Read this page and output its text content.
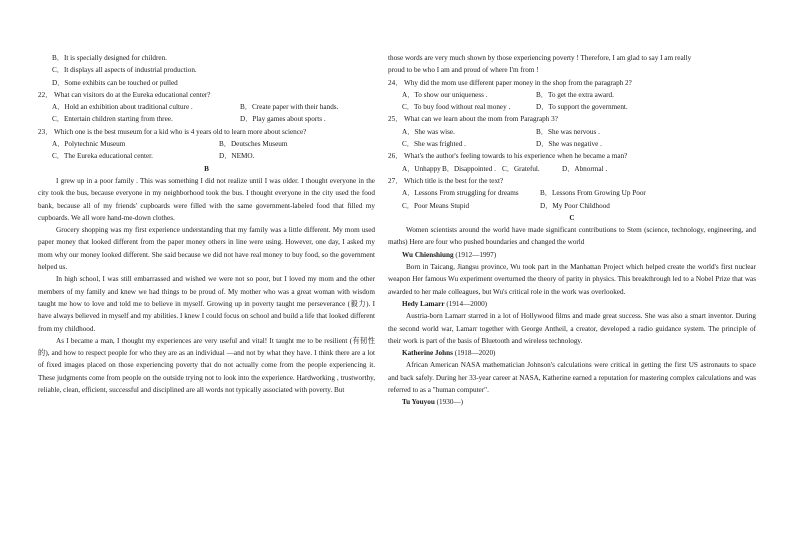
B．It is specially designed for children.
C．It displays all aspects of industrial production.
D．Some exhibits can be touched or pulled
22． What can visitors do at the Eureka educational center?
A．Hold an exhibition about traditional culture .	B．Create paper with their hands.
C．Entertain children starting from three.	D．Play games about sports .
23． Which one is the best museum for a kid who is 4 years old to learn more about science?
A．Polytechnic Museum	B．Deutsches Museum
C．The Eureka educational center.	D．NEMO.
B
I grew up in a poor family . This was something I did not realize until I was older. I thought everyone in the city took the bus, because everyone in my neighborhood took the bus. I thought everyone in the city used the food bank, because all of my friends' cupboards were filled with the same government-labeled food that filled my cupboards. We all wore hand-me-down clothes.
Grocery shopping was my first experience understanding that my family was a little different. My mom used paper money that looked different from the paper money others in line were using. However, one day, I asked my mom why our money looked different. She said because we did not have real money to buy food, so the government helped us.
In high school, I was still embarrassed and wished we were not so poor, but I loved my mom and the other members of my family and knew we had things to be proud of. My mother who was a great woman with wisdom taught me how to love and told me to believe in myself. Growing up in poverty taught me perseverance (毅力). I have always believed in myself and my abilities. I knew I could focus on school and build a life that looked different from my childhood.
As I became a man, I thought my experiences are very useful and vital! It taught me to be resilient (有韧性的), and how to respect people for who they are as an individual —and not by what they have. I think there are a lot of fixed images placed on those experiencing poverty that do not actually come from the people experiencing it. These judgments come from people on the outside trying not to look into the experience. Hardworking , trustworthy, reliable, clean, efficient, successful and disciplined are all words not typically associated with poverty. But
those words are very much shown by those experiencing poverty ! Therefore, I am glad to say I am really
proud to be who I am and proud of where I'm from !
24． Why did the mom use different paper money in the shop from the paragraph 2?
A．To show our uniqueness .	B．To get the extra award.
C．To buy food without real money .	D．To support the government.
25． What can we learn about the mom from Paragraph 3?
A．She was wise.	B．She was nervous .
C．She was frighted .	D．She was negative .
26． What's the author's feeling towards to his experience when he became a man?
A．Unhappy .
B．Disappointed . C．Grateful.	D．Abnormal .
27． Which title is the best for the text?
A．Lessons From struggling for dreams	B．Lessons From Growing Up Poor
C．Poor Means Stupid	D．My Poor Childhood
C
Women scientists around the world have made significant contributions to Stem (science, technology, engineering, and maths) Here are four who pushed boundaries and changed the world
Wu Chienshiung (1912—1997)
Born in Taicang, Jiangsu province, Wu took part in the Manhattan Project which helped create the world's first nuclear weapon Her famous Wu experiment overturned the theory of parity in physics. This breakthrough led to a Nobel Prize that was awarded to her male colleagues, but Wu's critical role in the work was overlooked.
Hedy Lamarr (1914—2000)
Austria-born Lamarr starred in a lot of Hollywood films and made great success. She was also a smart inventor. During the second world war, Lamarr together with George Antheil, a creator, developed a radio guidance system. The principle of their work is part of the basis of Bluetooth and wireless technology.
Katherine Johns (1918—2020)
African American NASA mathematician Johnson's calculations were critical in getting the first US astronauts to space and back safely. During her 33-year career at NASA, Katherine earned a reputation for mastering complex calculations and was referred to as a "human computer".
Tu Youyou (1930—)
